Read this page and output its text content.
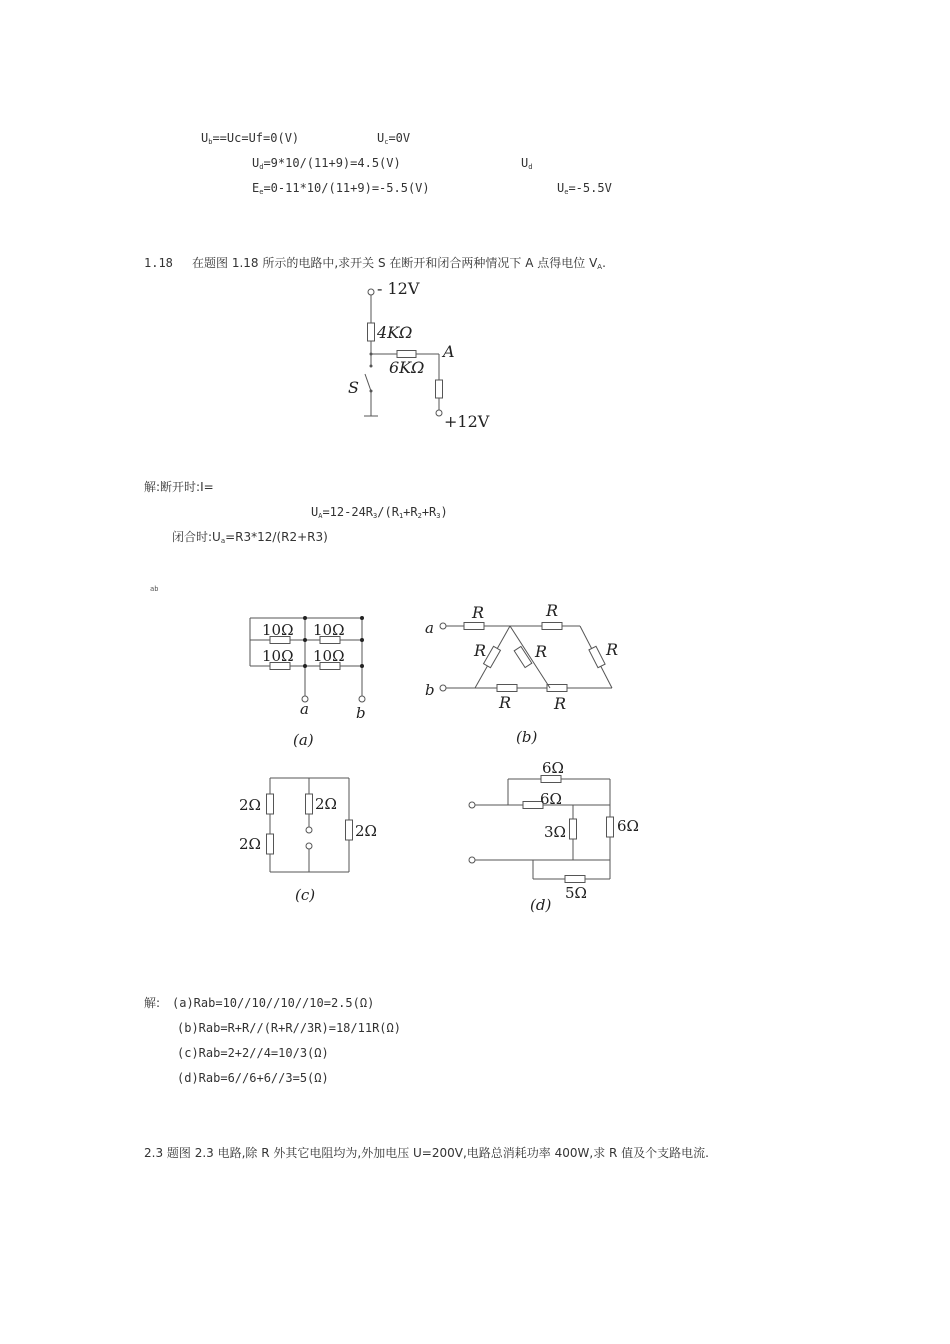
$U_b==Uc=Uf=0(V)$	$U_c=0V$
$U_d=9*10/(11+9)=4.5(V)$	$U_d$
$E_e=0-11*10/(11+9)=-5.5(V)$	$U_e=-5.5V$
1.18 在题图 1.18 所示的电路中,求开关 S 在断开和闭合两种情况下 A 点得电位 $V_A$.
- 12V
4KΩ
6KΩ
A
S
+12V
解:断开时:I=
$U_A=12-24R_3/(R_1+R_2+R_3)$
闭合时$:U_a=R3*12/(R2+R3)$
ab
10Ω 10Ω
10Ω 10Ω
a	b
(a)
R	R
R	R	R
R	R
a
b
(b)
2Ω
2Ω
2Ω
2Ω
(c)
6Ω
6Ω
3Ω	6Ω
5Ω
(d)
解: (a)Rab=10//10//10//10=2.5(Ω)
(b)Rab=R+R//(R+R//3R)=18/11R(Ω)
(c)Rab=2+2//4=10/3(Ω)
(d)Rab=6//6+6//3=5(Ω)
2.3 题图 2.3 电路,除 R 外其它电阻均为,外加电压 U=200V,电路总消耗功率 400W,求 R 值及个支路电流.
